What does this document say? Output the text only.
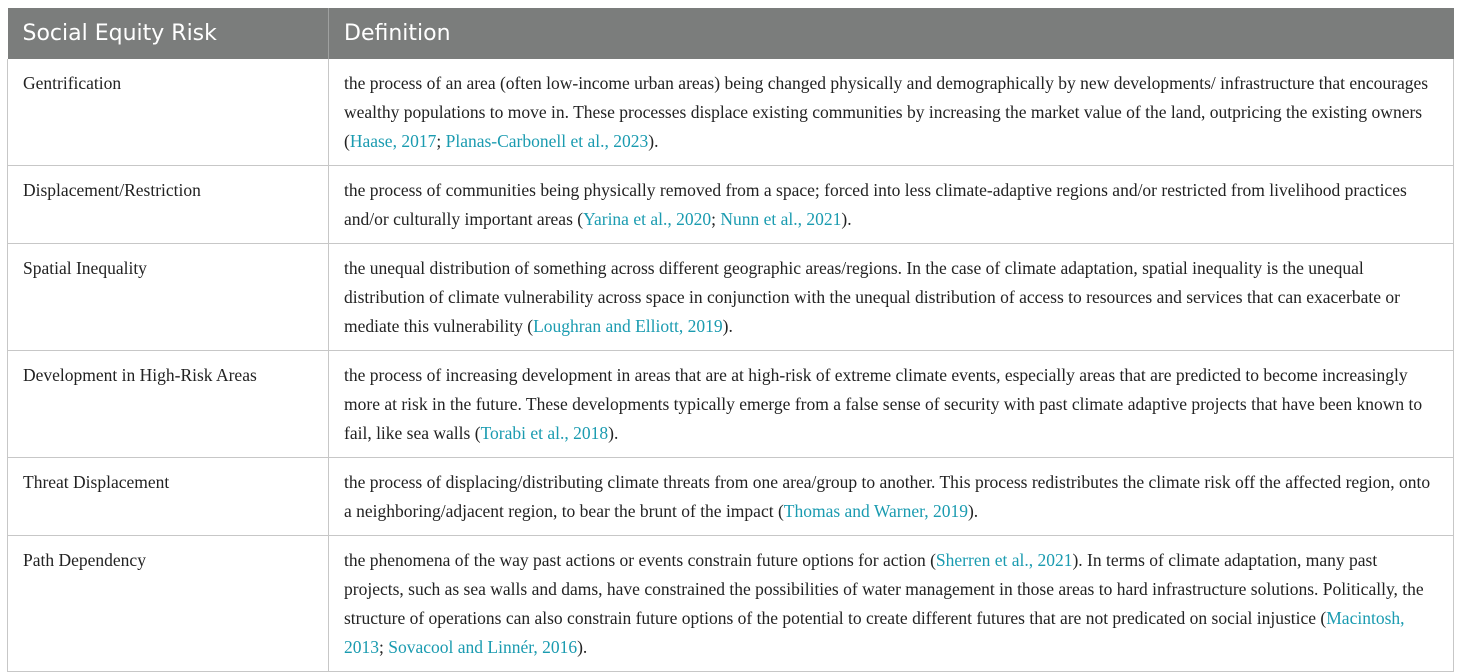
Social Equity Risk	Definition
Gentrification	the process of an area (often low-income urban areas) being changed physically and demographically by new developments/ infrastructure that encourages wealthy populations to move in. These processes displace existing communities by increasing the market value of the land, outpricing the existing owners (Haase, 2017; Planas-Carbonell et al., 2023).
Displacement/Restriction	the process of communities being physically removed from a space; forced into less climate-adaptive regions and/or restricted from livelihood practices and/or culturally important areas (Yarina et al., 2020; Nunn et al., 2021).
Spatial Inequality	the unequal distribution of something across different geographic areas/regions. In the case of climate adaptation, spatial inequality is the unequal distribution of climate vulnerability across space in conjunction with the unequal distribution of access to resources and services that can exacerbate or mediate this vulnerability (Loughran and Elliott, 2019).
Development in High-Risk Areas	the process of increasing development in areas that are at high-risk of extreme climate events, especially areas that are predicted to become increasingly more at risk in the future. These developments typically emerge from a false sense of security with past climate adaptive projects that have been known to fail, like sea walls (Torabi et al., 2018).
Threat Displacement	the process of displacing/distributing climate threats from one area/group to another. This process redistributes the climate risk off the affected region, onto a neighboring/adjacent region, to bear the brunt of the impact (Thomas and Warner, 2019).
Path Dependency	the phenomena of the way past actions or events constrain future options for action (Sherren et al., 2021). In terms of climate adaptation, many past projects, such as sea walls and dams, have constrained the possibilities of water management in those areas to hard infrastructure solutions. Politically, the structure of operations can also constrain future options of the potential to create different futures that are not predicated on social injustice (Macintosh, 2013; Sovacool and Linnér, 2016).
